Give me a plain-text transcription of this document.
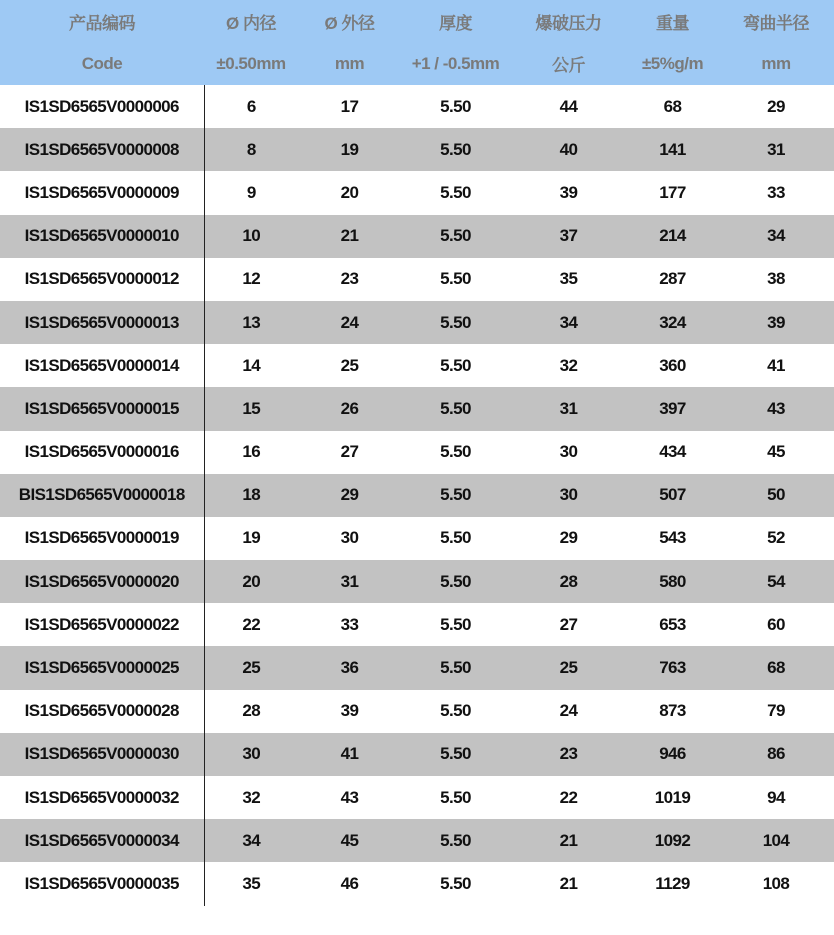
产品编码	Ø 内径	Ø 外径	厚度	爆破压力	重量	弯曲半径
Code	±0.50mm	mm	+1 / -0.5mm	公斤	±5%g/m	mm
IS1SD6565V0000006	6	17	5.50	44	68	29
IS1SD6565V0000008	8	19	5.50	40	141	31
IS1SD6565V0000009	9	20	5.50	39	177	33
IS1SD6565V0000010	10	21	5.50	37	214	34
IS1SD6565V0000012	12	23	5.50	35	287	38
IS1SD6565V0000013	13	24	5.50	34	324	39
IS1SD6565V0000014	14	25	5.50	32	360	41
IS1SD6565V0000015	15	26	5.50	31	397	43
IS1SD6565V0000016	16	27	5.50	30	434	45
BIS1SD6565V0000018	18	29	5.50	30	507	50
IS1SD6565V0000019	19	30	5.50	29	543	52
IS1SD6565V0000020	20	31	5.50	28	580	54
IS1SD6565V0000022	22	33	5.50	27	653	60
IS1SD6565V0000025	25	36	5.50	25	763	68
IS1SD6565V0000028	28	39	5.50	24	873	79
IS1SD6565V0000030	30	41	5.50	23	946	86
IS1SD6565V0000032	32	43	5.50	22	1019	94
IS1SD6565V0000034	34	45	5.50	21	1092	104
IS1SD6565V0000035	35	46	5.50	21	1129	108
